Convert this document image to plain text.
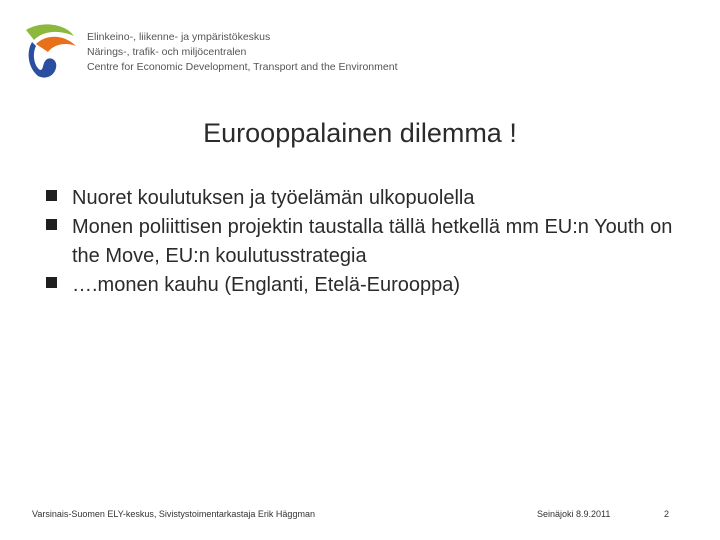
Elinkeino-, liikenne- ja ympäristökeskus
Närings-, trafik- och miljöcentralen
Centre for Economic Development, Transport and the Environment
Eurooppalainen dilemma !
Nuoret koulutuksen ja työelämän ulkopuolella
Monen poliittisen projektin taustalla tällä hetkellä mm EU:n Youth on the Move, EU:n koulutusstrategia
….monen kauhu (Englanti, Etelä-Eurooppa)
Varsinais-Suomen ELY-keskus, Sivistystoimentarkastaja Erik Häggman	Seinäjoki 8.9.2011	2
